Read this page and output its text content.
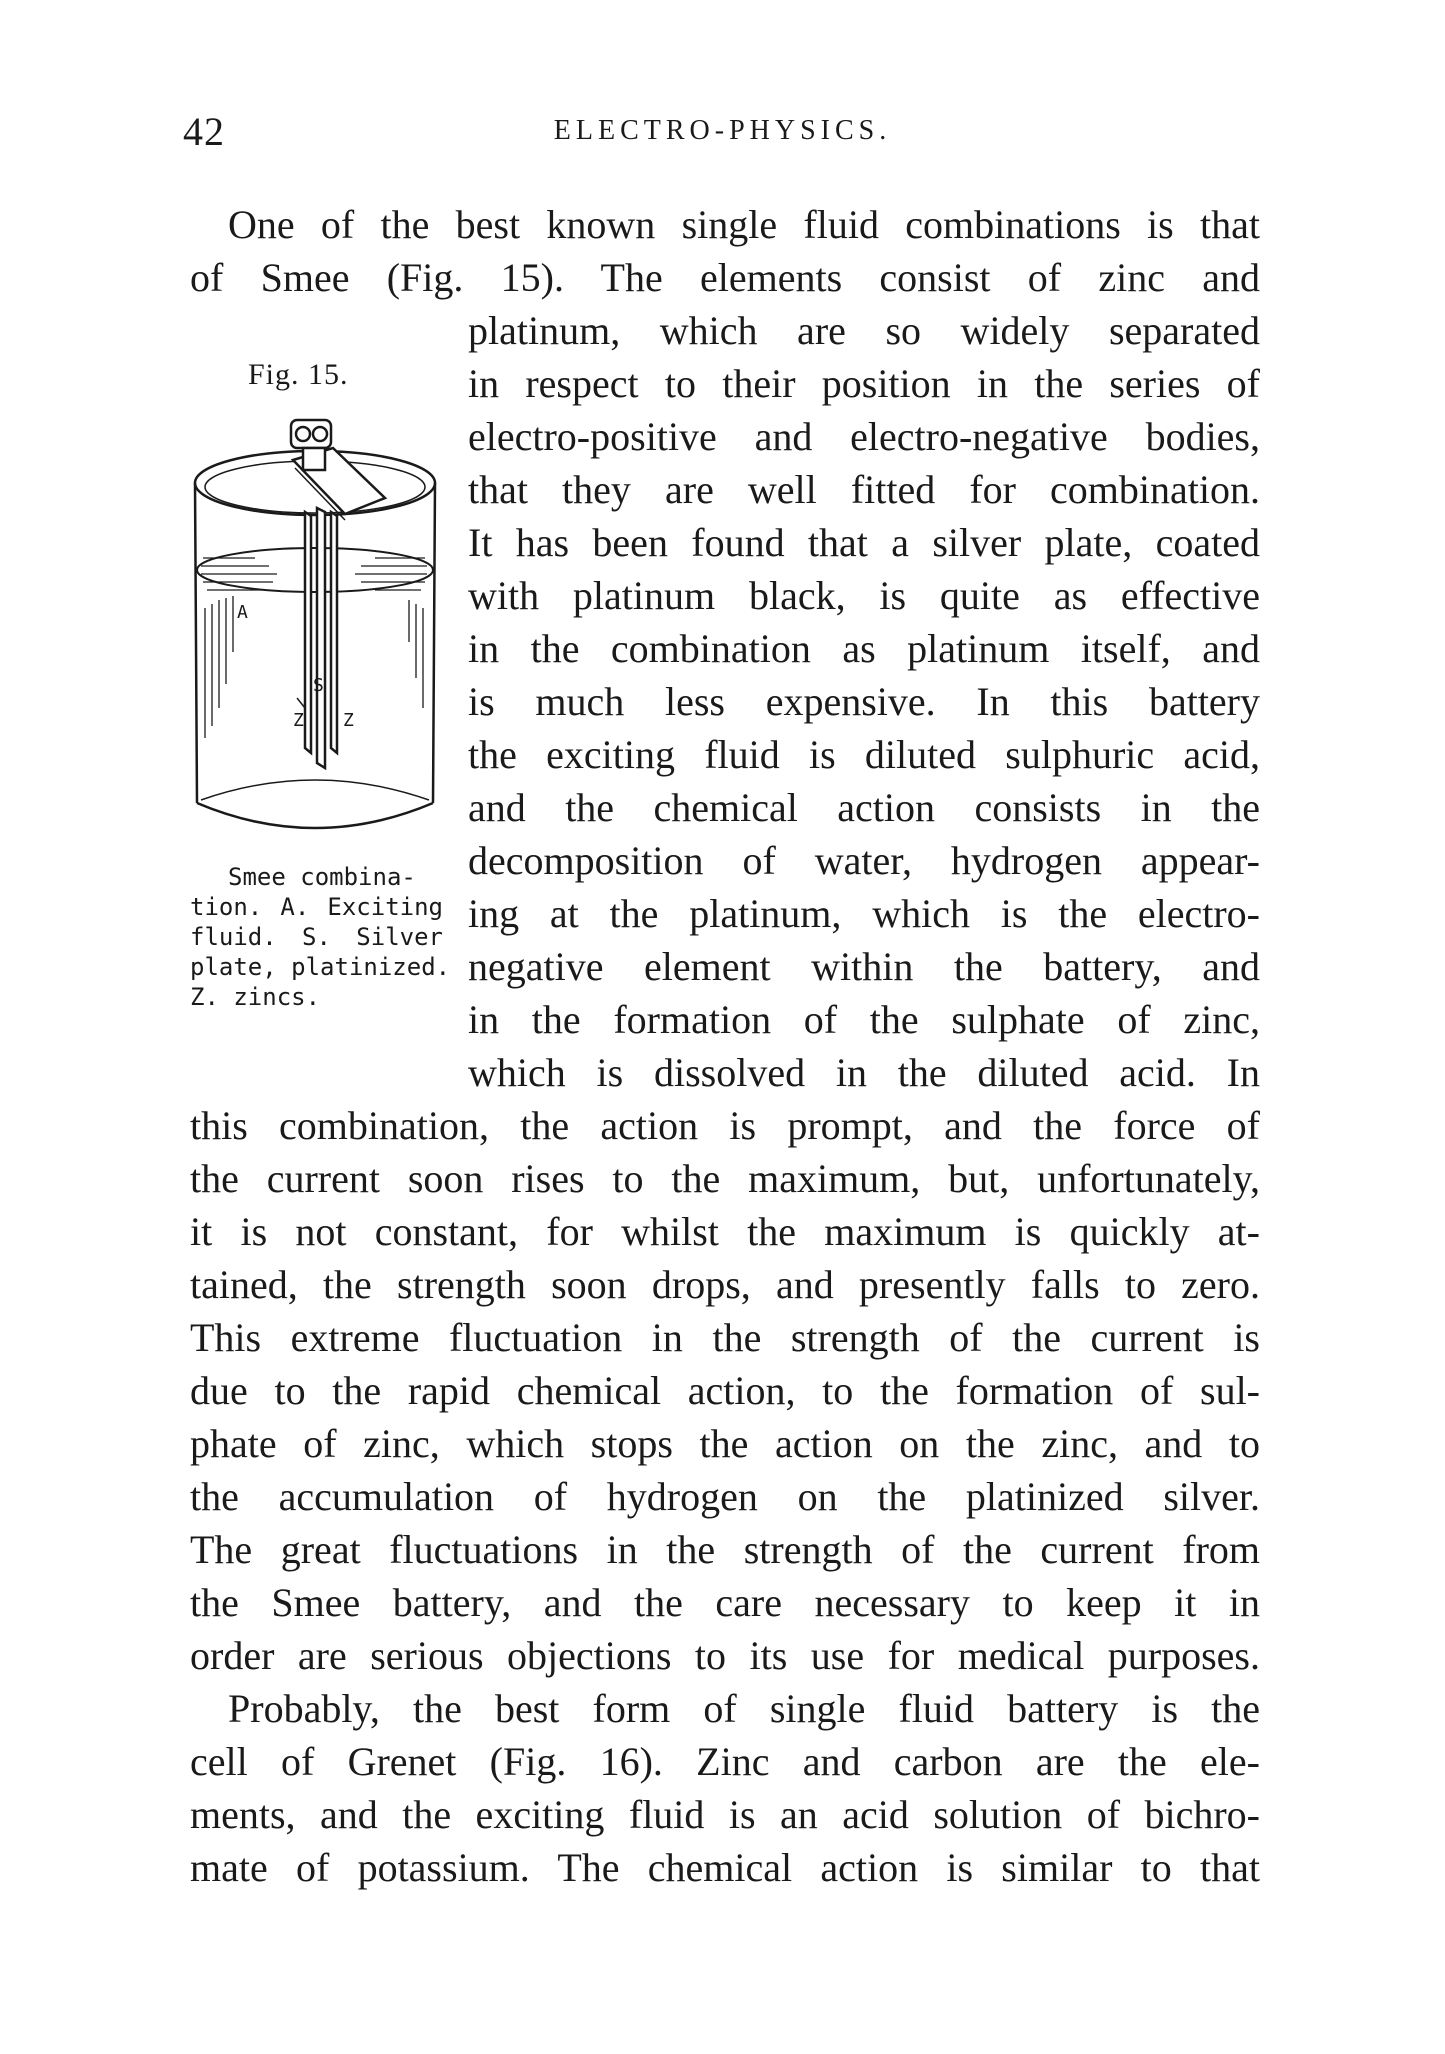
42	ELECTRO-PHYSICS.

One of the best known single fluid combinations is that

of Smee (Fig. 15). The elements consist of zinc and

platinum, which are so widely separated

in respect to their position in the series of

electro-positive and electro-negative bodies,

that they are well fitted for combination.

It has been found that a silver plate, coated

with platinum black, is quite as effective

in the combination as platinum itself, and

is much less expensive. In this battery

the exciting fluid is diluted sulphuric acid,

and the chemical action consists in the

decomposition of water, hydrogen appear-

ing at the platinum, which is the electro-

negative element within the battery, and

in the formation of the sulphate of zinc,

which is dissolved in the diluted acid. In

this combination, the action is prompt, and the force of

the current soon rises to the maximum, but, unfortunately,

it is not constant, for whilst the maximum is quickly at-

tained, the strength soon drops, and presently falls to zero.

This extreme fluctuation in the strength of the current is

due to the rapid chemical action, to the formation of sul-

phate of zinc, which stops the action on the zinc, and to

the accumulation of hydrogen on the platinized silver.

The great fluctuations in the strength of the current from

the Smee battery, and the care necessary to keep it in

order are serious objections to its use for medical purposes.

Probably, the best form of single fluid battery is the

cell of Grenet (Fig. 16). Zinc and carbon are the ele-

ments, and the exciting fluid is an acid solution of bichro-

mate of potassium. The chemical action is similar to that

Fig. 15.
A
S
Z Z

Smee combina-

tion. A. Exciting

fluid. S. Silver

plate, platinized.

Z. zincs.
